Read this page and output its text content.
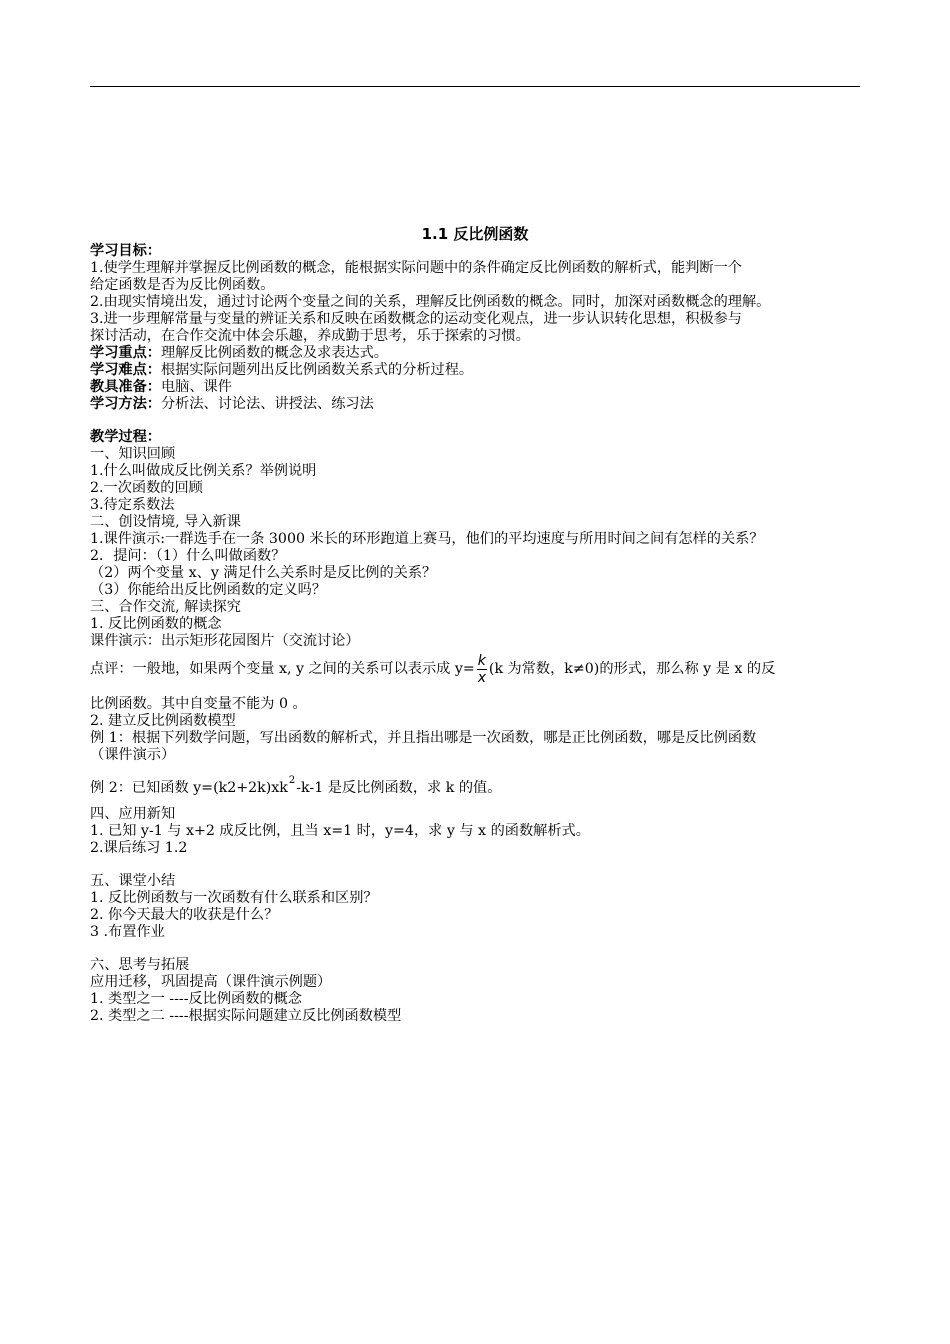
1.1 反比例函数
学习目标：
1.使学生理解并掌握反比例函数的概念，能根据实际问题中的条件确定反比例函数的解析式，能判断一个
给定函数是否为反比例函数。
2.由现实情境出发，通过讨论两个变量之间的关系，理解反比例函数的概念。同时，加深对函数概念的理解。
3.进一步理解常量与变量的辨证关系和反映在函数概念的运动变化观点，进一步认识转化思想，积极参与
探讨活动，在合作交流中体会乐趣，养成勤于思考，乐于探索的习惯。
学习重点：理解反比例函数的概念及求表达式。
学习难点：根据实际问题列出反比例函数关系式的分析过程。
教具准备：电脑、课件
学习方法：分析法、讨论法、讲授法、练习法
教学过程：
一、知识回顾
1.什么叫做成反比例关系？举例说明
2.一次函数的回顾
3.待定系数法
二、创设情境, 导入新课
1.课件演示:一群选手在一条 3000 米长的环形跑道上赛马，他们的平均速度与所用时间之间有怎样的关系？
2．提问：（1）什么叫做函数？
（2）两个变量 x、y 满足什么关系时是反比例的关系？
（3）你能给出反比例函数的定义吗？
三、合作交流, 解读探究
1. 反比例函数的概念
课件演示：出示矩形花园图片（交流讨论）
点评：一般地，如果两个变量 x, y 之间的关系可以表示成 $y= \frac{k}{x} (k$ 为常数，k≠0)的形式，那么称 y 是 x 的反
比例函数。其中自变量不能为 0 。
2. 建立反比例函数模型
例 1：根据下列数学问题，写出函数的解析式，并且指出哪是一次函数，哪是正比例函数，哪是反比例函数
（课件演示）
例 2：已知函数 $y=(k2+2k)xk^2-k-1$ 是反比例函数，求 k 的值。
四、应用新知
1. 已知 y-1 与 x+2 成反比例，且当 x=1 时，y=4，求 y 与 x 的函数解析式。
2.课后练习 1.2
五、课堂小结
1. 反比例函数与一次函数有什么联系和区别？
2. 你今天最大的收获是什么？
3 .布置作业
六、思考与拓展
应用迁移，巩固提高（课件演示例题）
1. 类型之一 ----反比例函数的概念
2. 类型之二 ----根据实际问题建立反比例函数模型
